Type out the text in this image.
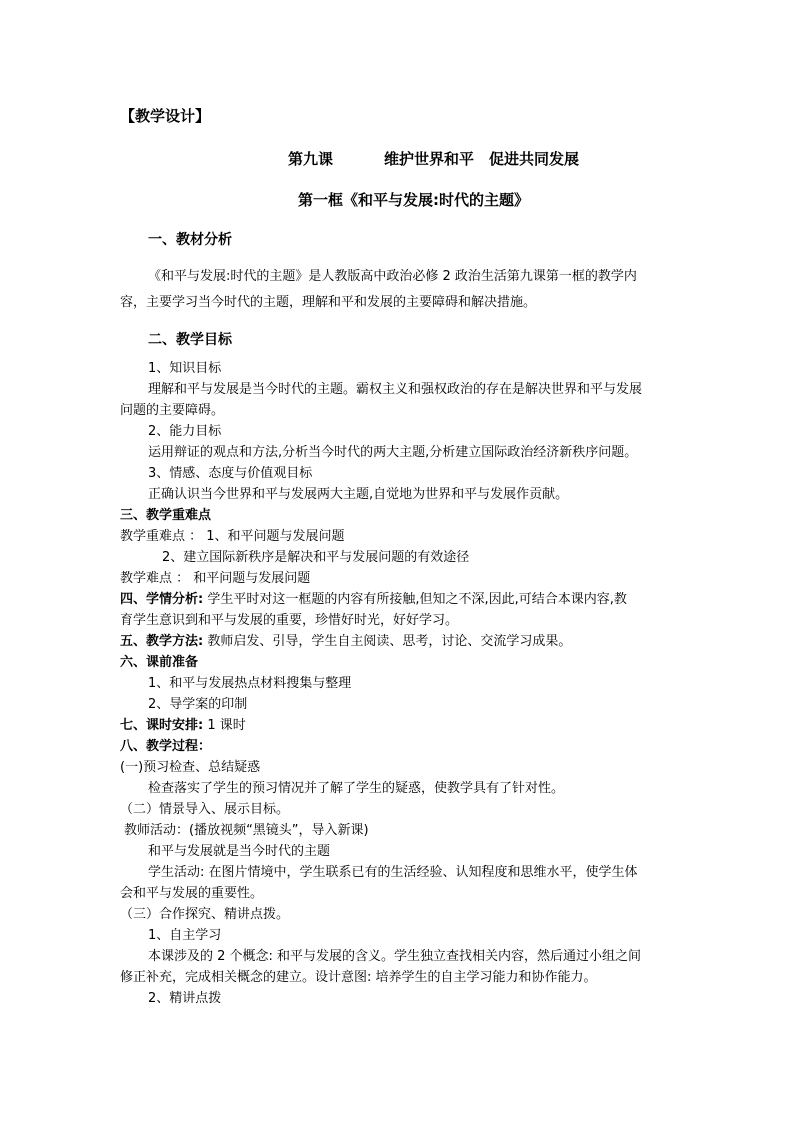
【教学设计】
第九课	维护世界和平　促进共同发展
第一框《和平与发展:时代的主题》
一、教材分析
《和平与发展:时代的主题》是人教版高中政治必修 2 政治生活第九课第一框的教学内
容，主要学习当今时代的主题，理解和平和发展的主要障碍和解决措施。
二、教学目标
1、知识目标
理解和平与发展是当今时代的主题。霸权主义和强权政治的存在是解决世界和平与发展
问题的主要障碍。
2、能力目标
运用辩证的观点和方法,分析当今时代的两大主题,分析建立国际政治经济新秩序问题。
3、情感、态度与价值观目标
正确认识当今世界和平与发展两大主题,自觉地为世界和平与发展作贡献。
三、教学重难点
教学重难点 ： 1、和平问题与发展问题
2、建立国际新秩序是解决和平与发展问题的有效途径
教学难点 ： 和平问题与发展问题
四、学情分析: 学生平时对这一框题的内容有所接触,但知之不深,因此,可结合本课内容,教
育学生意识到和平与发展的重要，珍惜好时光，好好学习。
五、教学方法: 教师启发、引导，学生自主阅读、思考，讨论、交流学习成果。
六、课前准备
1、和平与发展热点材料搜集与整理
2、导学案的印制
七、课时安排: 1 课时
八、教学过程：
(一)预习检查、总结疑惑
检查落实了学生的预习情况并了解了学生的疑惑，使教学具有了针对性。
（二）情景导入、展示目标。
教师活动：(播放视频“黑镜头”，导入新课)
和平与发展就是当今时代的主题
学生活动: 在图片情境中，学生联系已有的生活经验、认知程度和思维水平，使学生体
会和平与发展的重要性。
（三）合作探究、精讲点拨。
1、自主学习
本课涉及的 2 个概念: 和平与发展的含义。学生独立查找相关内容，然后通过小组之间
修正补充，完成相关概念的建立。设计意图: 培养学生的自主学习能力和协作能力。
2、精讲点拨
